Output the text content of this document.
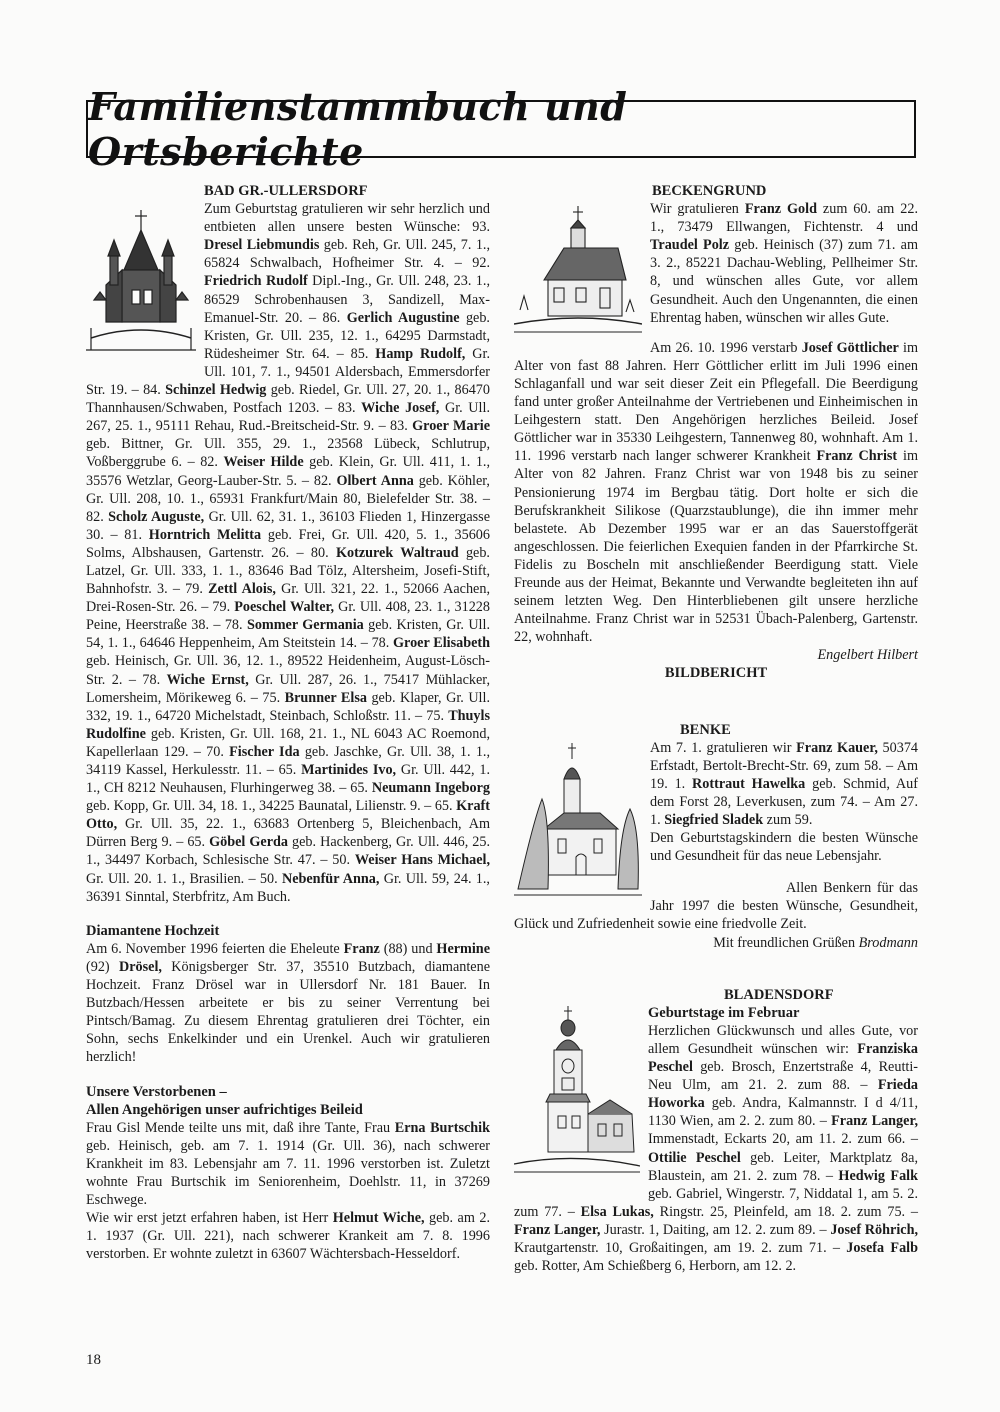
Familienstammbuch und Ortsberichte
BAD GR.-ULLERSDORF

Zum Geburtstag gratulieren wir sehr herzlich und entbieten allen unsere besten Wünsche: 93. Dresel Liebmundis geb. Reh, Gr. Ull. 245, 7. 1., 65824 Schwalbach, Hofheimer Str. 4. – 92. Friedrich Rudolf Dipl.-Ing., Gr. Ull. 248, 23. 1., 86529 Schrobenhausen 3, Sandizell, Max-Emanuel-Str. 20. – 86. Gerlich Augustine geb. Kristen, Gr. Ull. 235, 12. 1., 64295 Darmstadt, Rüdesheimer Str. 64. – 85. Hamp Rudolf, Gr. Ull. 101, 7. 1., 94501 Aldersbach, Emmersdorfer Str. 19. – 84. Schinzel Hedwig geb. Riedel, Gr. Ull. 27, 20. 1., 86470 Thannhausen/Schwaben, Postfach 1203. – 83. Wiche Josef, Gr. Ull. 267, 25. 1., 95111 Rehau, Rud.-Breitscheid-Str. 9. – 83. Groer Marie geb. Bittner, Gr. Ull. 355, 29. 1., 23568 Lübeck, Schlutrup, Voßberggrube 6. – 82. Weiser Hilde geb. Klein, Gr. Ull. 411, 1. 1., 35576 Wetzlar, Georg-Lauber-Str. 5. – 82. Olbert Anna geb. Köhler, Gr. Ull. 208, 10. 1., 65931 Frankfurt/Main 80, Bielefelder Str. 38. – 82. Scholz Auguste, Gr. Ull. 62, 31. 1., 36103 Flieden 1, Hinzergasse 30. – 81. Horntrich Melitta geb. Frei, Gr. Ull. 420, 5. 1., 35606 Solms, Albshausen, Gartenstr. 26. – 80. Kotzurek Waltraud geb. Latzel, Gr. Ull. 333, 1. 1., 83646 Bad Tölz, Altersheim, Josefi-Stift, Bahnhofstr. 3. – 79. Zettl Alois, Gr. Ull. 321, 22. 1., 52066 Aachen, Drei-Rosen-Str. 26. – 79. Poeschel Walter, Gr. Ull. 408, 23. 1., 31228 Peine, Heerstraße 38. – 78. Sommer Germania geb. Kristen, Gr. Ull. 54, 1. 1., 64646 Heppenheim, Am Steitstein 14. – 78. Groer Elisabeth geb. Heinisch, Gr. Ull. 36, 12. 1., 89522 Heidenheim, August-Lösch-Str. 2. – 78. Wiche Ernst, Gr. Ull. 287, 26. 1., 75417 Mühlacker, Lomersheim, Mörikeweg 6. – 75. Brunner Elsa geb. Klaper, Gr. Ull. 332, 19. 1., 64720 Michelstadt, Steinbach, Schloßstr. 11. – 75. Thuyls Rudolfine geb. Kristen, Gr. Ull. 168, 21. 1., NL 6043 AC Roemond, Kapellerlaan 129. – 70. Fischer Ida geb. Jaschke, Gr. Ull. 38, 1. 1., 34119 Kassel, Herkulesstr. 11. – 65. Martinides Ivo, Gr. Ull. 442, 1. 1., CH 8212 Neuhausen, Flurhingerweg 38. – 65. Neumann Ingeborg geb. Kopp, Gr. Ull. 34, 18. 1., 34225 Baunatal, Lilienstr. 9. – 65. Kraft Otto, Gr. Ull. 35, 22. 1., 63683 Ortenberg 5, Bleichenbach, Am Dürren Berg 9. – 65. Göbel Gerda geb. Hackenberg, Gr. Ull. 446, 25. 1., 34497 Korbach, Schlesische Str. 47. – 50. Weiser Hans Michael, Gr. Ull. 20. 1. 1., Brasilien. – 50. Nebenfür Anna, Gr. Ull. 59, 24. 1., 36391 Sinntal, Sterbfritz, Am Buch.

Diamantene Hochzeit

Am 6. November 1996 feierten die Eheleute Franz (88) und Hermine (92) Drösel, Königsberger Str. 37, 35510 Butzbach, diamantene Hochzeit. Franz Drösel war in Ullersdorf Nr. 181 Bauer. In Butzbach/Hessen arbeitete er bis zu seiner Verrentung bei Pintsch/Bamag. Zu diesem Ehrentag gratulieren drei Töchter, ein Sohn, sechs Enkelkinder und ein Urenkel. Auch wir gratulieren herzlich!

Unsere Verstorbenen –

Allen Angehörigen unser aufrichtiges Beileid

Frau Gisl Mende teilte uns mit, daß ihre Tante, Frau Erna Burtschik geb. Heinisch, geb. am 7. 1. 1914 (Gr. Ull. 36), nach schwerer Krankheit im 83. Lebensjahr am 7. 11. 1996 verstorben ist. Zuletzt wohnte Frau Burtschik im Seniorenheim, Doehlstr. 11, in 37269 Eschwege.

Wie wir erst jetzt erfahren haben, ist Herr Helmut Wiche, geb. am 2. 1. 1937 (Gr. Ull. 221), nach schwerer Krankeit am 7. 8. 1996 verstorben. Er wohnte zuletzt in 63607 Wächtersbach-Hesseldorf.

BECKENGRUND

Wir gratulieren Franz Gold zum 60. am 22. 1., 73479 Ellwangen, Fichtenstr. 4 und Traudel Polz geb. Heinisch (37) zum 71. am 3. 2., 85221 Dachau-Webling, Pellheimer Str. 8, und wünschen alles Gute, vor allem Gesundheit. Auch den Ungenannten, die einen Ehrentag haben, wünschen wir alles Gute.

Am 26. 10. 1996 verstarb Josef Göttlicher im Alter von fast 88 Jahren. Herr Göttlicher erlitt im Juli 1996 einen Schlaganfall und war seit dieser Zeit ein Pflegefall. Die Beerdigung fand unter großer Anteilnahme der Vertriebenen und Einheimischen in Leihgestern statt. Den Angehörigen herzliches Beileid. Josef Göttlicher war in 35330 Leihgestern, Tannenweg 80, wohnhaft. Am 1. 11. 1996 verstarb nach langer schwerer Krankheit Franz Christ im Alter von 82 Jahren. Franz Christ war von 1948 bis zu seiner Pensionierung 1974 im Bergbau tätig. Dort holte er sich die Berufskrankheit Silikose (Quarzstaublunge), die ihn immer mehr belastete. Ab Dezember 1995 war er an das Sauerstoffgerät angeschlossen. Die feierlichen Exequien fanden in der Pfarrkirche St. Fidelis zu Boscheln mit anschließender Beerdigung statt. Viele Freunde aus der Heimat, Bekannte und Verwandte begleiteten ihn auf seinem letzten Weg. Den Hinterbliebenen gilt unsere herzliche Anteilnahme. Franz Christ war in 52531 Übach-Palenberg, Gartenstr. 22, wohnhaft.

Engelbert Hilbert

BILDBERICHT
BENKE

Am 7. 1. gratulieren wir Franz Kauer, 50374 Erfstadt, Bertolt-Brecht-Str. 69, zum 58. – Am 19. 1. Rottraut Hawelka geb. Schmid, Auf dem Forst 28, Leverkusen, zum 74. – Am 27. 1. Siegfried Sladek zum 59.

Den Geburtstagskindern die besten Wünsche und Gesundheit für das neue Lebensjahr.

Allen Benkern für das Jahr 1997 die besten Wünsche, Gesundheit, Glück und Zufriedenheit sowie eine friedvolle Zeit.

Mit freundlichen Grüßen Brodmann

BLADENSDORF

Geburtstage im Februar

Herzlichen Glückwunsch und alles Gute, vor allem Gesundheit wünschen wir: Franziska Peschel geb. Brosch, Enzertstraße 4, Reutti-Neu Ulm, am 21. 2. zum 88. – Frieda Howorka geb. Andra, Kalmannstr. I d 4/11, 1130 Wien, am 2. 2. zum 80. – Franz Langer, Immenstadt, Eckarts 20, am 11. 2. zum 66. – Ottilie Peschel geb. Leiter, Marktplatz 8a, Blaustein, am 21. 2. zum 78. – Hedwig Falk geb. Gabriel, Wingerstr. 7, Niddatal 1, am 5. 2. zum 77. – Elsa Lukas, Ringstr. 25, Pleinfeld, am 18. 2. zum 75. – Franz Langer, Jurastr. 1, Daiting, am 12. 2. zum 89. – Josef Röhrich, Krautgartenstr. 10, Großaitingen, am 19. 2. zum 71. – Josefa Falb geb. Rotter, Am Schießberg 6, Herborn, am 12. 2.

18
